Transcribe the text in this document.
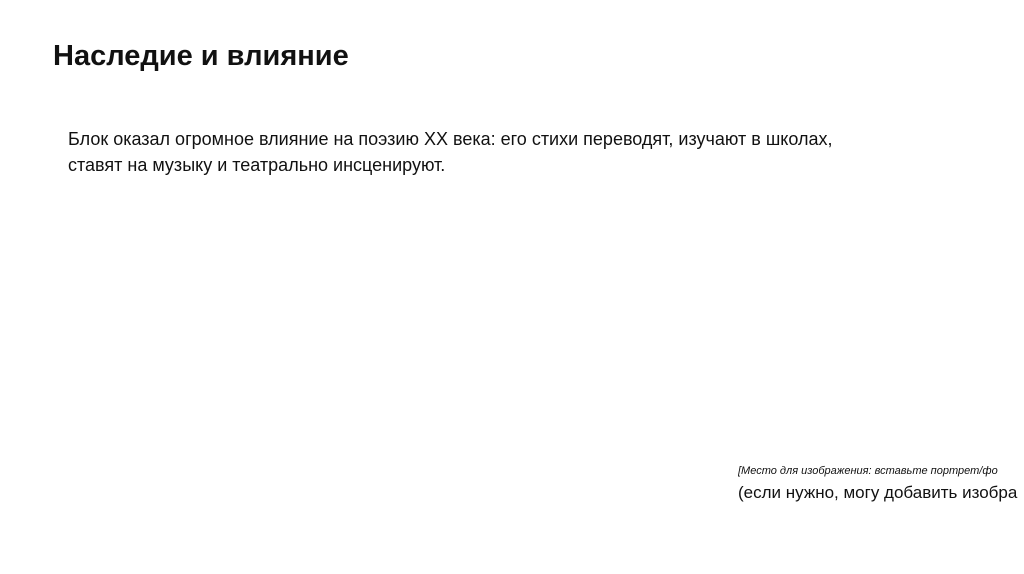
Наследие и влияние

Блок оказал огромное влияние на поэзию XX века: его стихи переводят, изучают в школах,

ставят на музыку и театрально инсценируют.

[Место для изображения: вставьте портрет/фо
(если нужно, могу добавить изобра
